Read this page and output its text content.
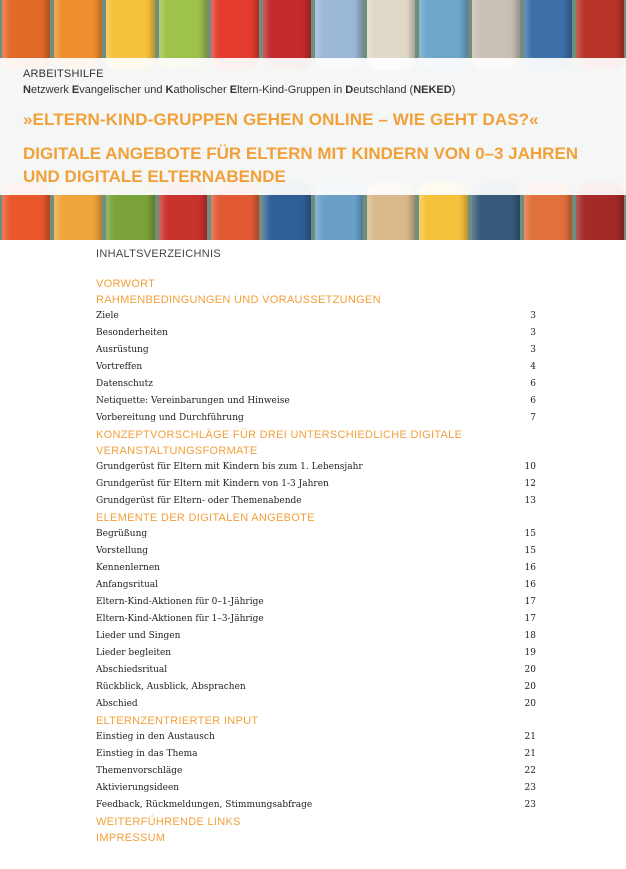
ARBEITSHILFE
Netzwerk Evangelischer und Katholischer Eltern-Kind-Gruppen in Deutschland (NEKED)
»ELTERN-KIND-GRUPPEN GEHEN ONLINE – WIE GEHT DAS?«
DIGITALE ANGEBOTE FÜR ELTERN MIT KINDERN VON 0–3 JAHREN UND DIGITALE ELTERNABENDE
INHALTSVERZEICHNIS
VORWORT
RAHMENBEDINGUNGEN UND VORAUSSETZUNGEN
Ziele	3
Besonderheiten	3
Ausrüstung	3
Vortreffen	4
Datenschutz	6
Netiquette: Vereinbarungen und Hinweise	6
Vorbereitung und Durchführung	7
KONZEPTVORSCHLÄGE FÜR DREI UNTERSCHIEDLICHE DIGITALE VERANSTALTUNGSFORMATE
Grundgerüst für Eltern mit Kindern bis zum 1. Lebensjahr	10
Grundgerüst für Eltern mit Kindern von 1-3 Jahren	12
Grundgerüst für Eltern- oder Themenabende	13
ELEMENTE DER DIGITALEN ANGEBOTE
Begrüßung	15
Vorstellung	15
Kennenlernen	16
Anfangsritual	16
Eltern-Kind-Aktionen für 0–1-Jährige	17
Eltern-Kind-Aktionen für 1–3-Jährige	17
Lieder und Singen	18
Lieder begleiten	19
Abschiedsritual	20
Rückblick, Ausblick, Absprachen	20
Abschied	20
ELTERNZENTRIERTER INPUT
Einstieg in den Austausch	21
Einstieg in das Thema	21
Themenvorschläge	22
Aktivierungsideen	23
Feedback, Rückmeldungen, Stimmungsabfrage	23
WEITERFÜHRENDE LINKS
IMPRESSUM
